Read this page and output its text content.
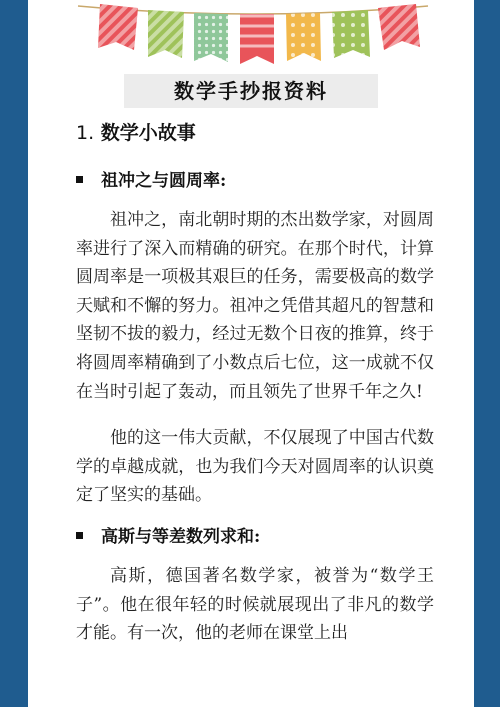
数学手抄报资料
1. 数学小故事
祖冲之与圆周率:

祖冲之，南北朝时期的杰出数学家，对圆周率进行了深入而精确的研究。在那个时代，计算圆周率是一项极其艰巨的任务，需要极高的数学天赋和不懈的努力。祖冲之凭借其超凡的智慧和坚韧不拔的毅力，经过无数个日夜的推算，终于将圆周率精确到了小数点后七位，这一成就不仅在当时引起了轰动，而且领先了世界千年之久!

他的这一伟大贡献，不仅展现了中国古代数学的卓越成就，也为我们今天对圆周率的认识奠定了坚实的基础。

高斯与等差数列求和:

高斯，德国著名数学家，被誉为“数学王子”。他在很年轻的时候就展现出了非凡的数学才能。有一次，他的老师在课堂上出
